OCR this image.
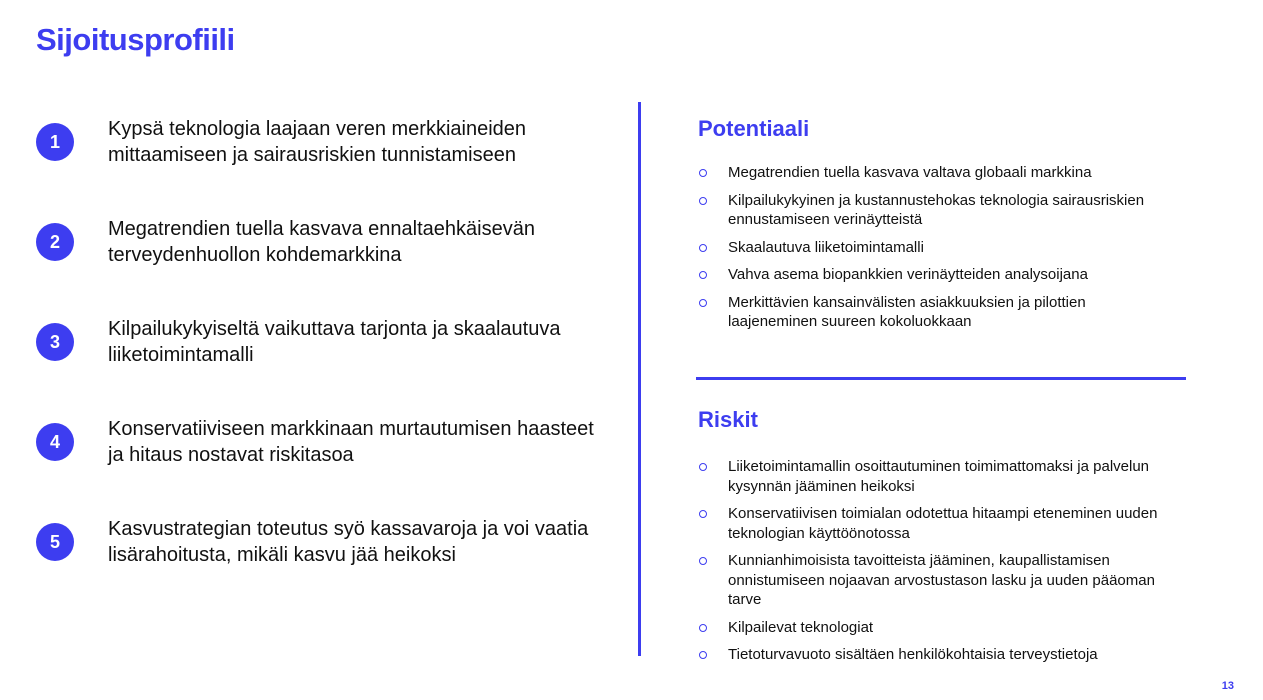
Sijoitusprofiili
1
Kypsä teknologia laajaan veren merkkiaineiden mittaamiseen ja sairausriskien tunnistamiseen
2
Megatrendien tuella kasvava ennaltaehkäisevän terveydenhuollon kohdemarkkina
3
Kilpailukykyiseltä vaikuttava tarjonta ja skaalautuva liiketoimintamalli
4
Konservatiiviseen markkinaan murtautumisen haasteet ja hitaus nostavat riskitasoa
5
Kasvustrategian toteutus syö kassavaroja ja voi vaatia lisärahoitusta, mikäli kasvu jää heikoksi
Potentiaali
Megatrendien tuella kasvava valtava globaali markkina
Kilpailukykyinen ja kustannustehokas teknologia sairausriskien ennustamiseen verinäytteistä
Skaalautuva liiketoimintamalli
Vahva asema biopankkien verinäytteiden analysoijana
Merkittävien kansainvälisten asiakkuuksien ja pilottien laajeneminen suureen kokoluokkaan
Riskit
Liiketoimintamallin osoittautuminen toimimattomaksi ja palvelun kysynnän jääminen heikoksi
Konservatiivisen toimialan odotettua hitaampi eteneminen uuden teknologian käyttöönotossa
Kunnianhimoisista tavoitteista jääminen, kaupallistamisen onnistumiseen nojaavan arvostustason lasku ja uuden pääoman tarve
Kilpailevat teknologiat
Tietoturvavuoto sisältäen henkilökohtaisia terveystietoja
13
